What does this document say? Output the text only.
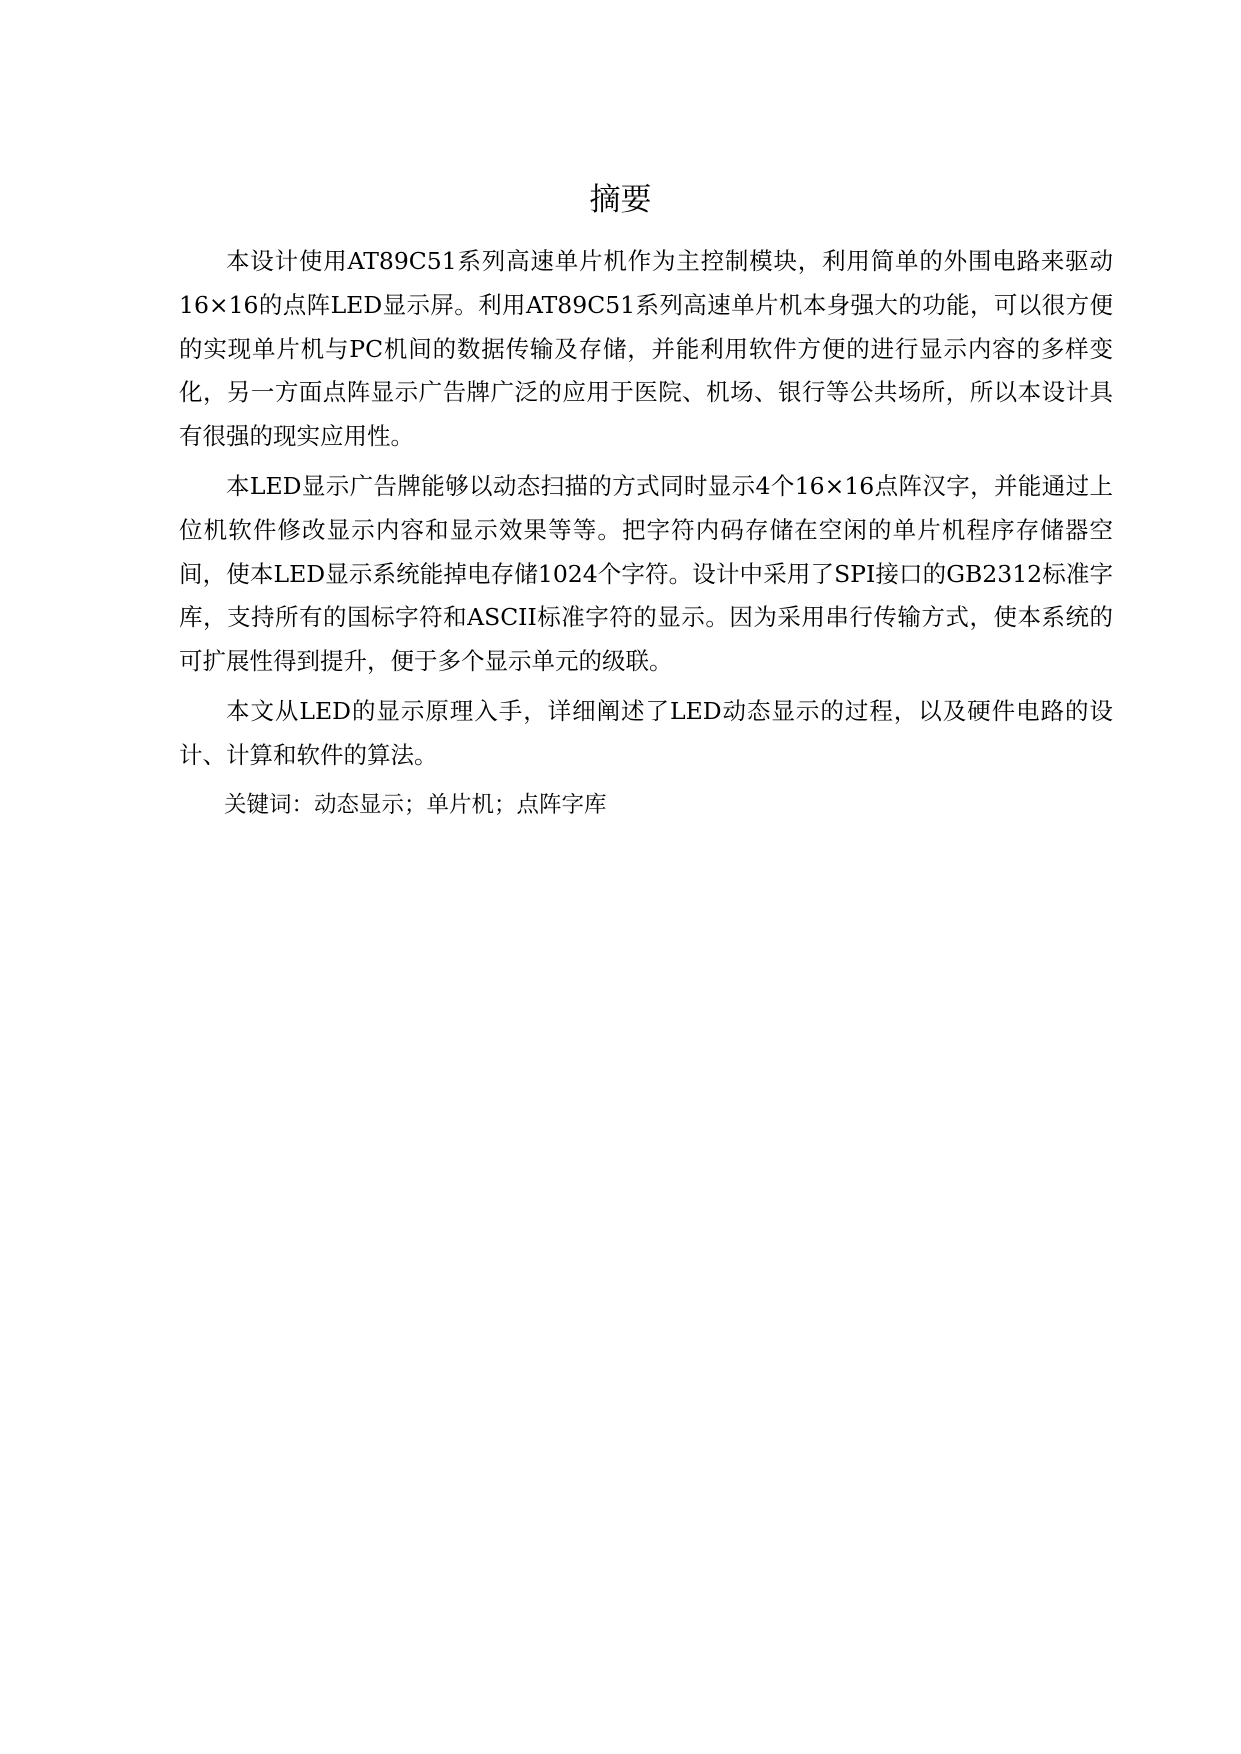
摘要

本设计使用AT89C51系列高速单片机作为主控制模块，利用简单的外围电路来驱动16×16的点阵LED显示屏。利用AT89C51系列高速单片机本身强大的功能，可以很方便的实现单片机与PC机间的数据传输及存储，并能利用软件方便的进行显示内容的多样变化，另一方面点阵显示广告牌广泛的应用于医院、机场、银行等公共场所，所以本设计具有很强的现实应用性。

本LED显示广告牌能够以动态扫描的方式同时显示4个16×16点阵汉字，并能通过上位机软件修改显示内容和显示效果等等。把字符内码存储在空闲的单片机程序存储器空间，使本LED显示系统能掉电存储1024个字符。设计中采用了SPI接口的GB2312标准字库，支持所有的国标字符和ASCII标准字符的显示。因为采用串行传输方式，使本系统的可扩展性得到提升，便于多个显示单元的级联。

本文从LED的显示原理入手，详细阐述了LED动态显示的过程，以及硬件电路的设计、计算和软件的算法。

关键词：动态显示；单片机；点阵字库
